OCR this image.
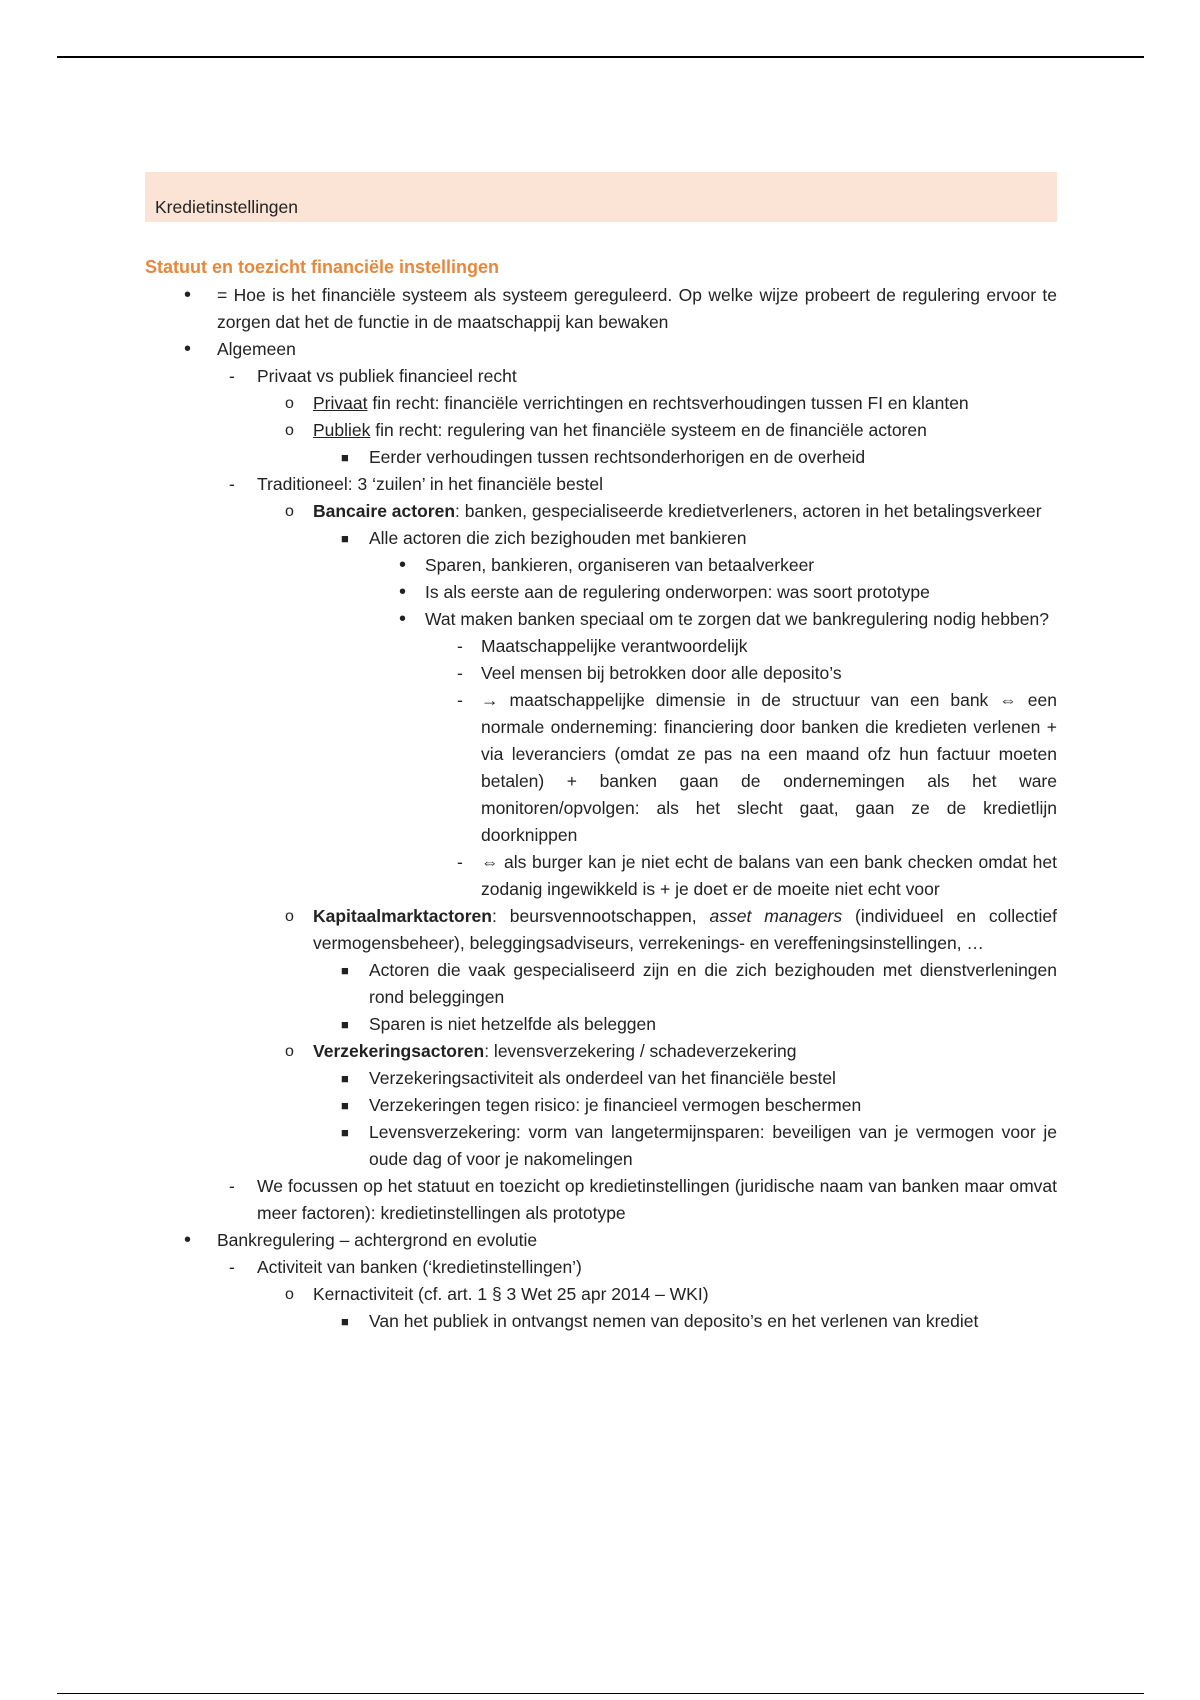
Kredietinstellingen
Statuut en toezicht financiële instellingen
• = Hoe is het financiële systeem als systeem gereguleerd. Op welke wijze probeert de regulering ervoor te zorgen dat het de functie in de maatschappij kan bewaken
• Algemeen
- Privaat vs publiek financieel recht
o Privaat fin recht: financiële verrichtingen en rechtsverhoudingen tussen FI en klanten
o Publiek fin recht: regulering van het financiële systeem en de financiële actoren
■ Eerder verhoudingen tussen rechtsonderhorigen en de overheid
- Traditioneel: 3 ‘zuilen’ in het financiële bestel
o Bancaire actoren: banken, gespecialiseerde kredietverleners, actoren in het betalingsverkeer
■ Alle actoren die zich bezighouden met bankieren
• Sparen, bankieren, organiseren van betaalverkeer
• Is als eerste aan de regulering onderworpen: was soort prototype
• Wat maken banken speciaal om te zorgen dat we bankregulering nodig hebben?
- Maatschappelijke verantwoordelijk
- Veel mensen bij betrokken door alle deposito’s
- → maatschappelijke dimensie in de structuur van een bank ⇔ een normale onderneming: financiering door banken die kredieten verlenen + via leveranciers (omdat ze pas na een maand ofz hun factuur moeten betalen) + banken gaan de ondernemingen als het ware monitoren/opvolgen: als het slecht gaat, gaan ze de kredietlijn doorknippen
- ⇔ als burger kan je niet echt de balans van een bank checken omdat het zodanig ingewikkeld is + je doet er de moeite niet echt voor
o Kapitaalmarktactoren: beursvennootschappen, asset managers (individueel en collectief vermogensbeheer), beleggingsadviseurs, verrekenings- en vereffeningsinstellingen, …
■ Actoren die vaak gespecialiseerd zijn en die zich bezighouden met dienstverleningen rond beleggingen
■ Sparen is niet hetzelfde als beleggen
o Verzekeringsactoren: levensverzekering / schadeverzekering
■ Verzekeringsactiviteit als onderdeel van het financiële bestel
■ Verzekeringen tegen risico: je financieel vermogen beschermen
■ Levensverzekering: vorm van langetermijnsparen: beveiligen van je vermogen voor je oude dag of voor je nakomelingen
- We focussen op het statuut en toezicht op kredietinstellingen (juridische naam van banken maar omvat meer factoren): kredietinstellingen als prototype
• Bankregulering – achtergrond en evolutie
- Activiteit van banken (‘kredietinstellingen’)
o Kernactiviteit (cf. art. 1 § 3 Wet 25 apr 2014 – WKI)
■ Van het publiek in ontvangst nemen van deposito’s en het verlenen van krediet
